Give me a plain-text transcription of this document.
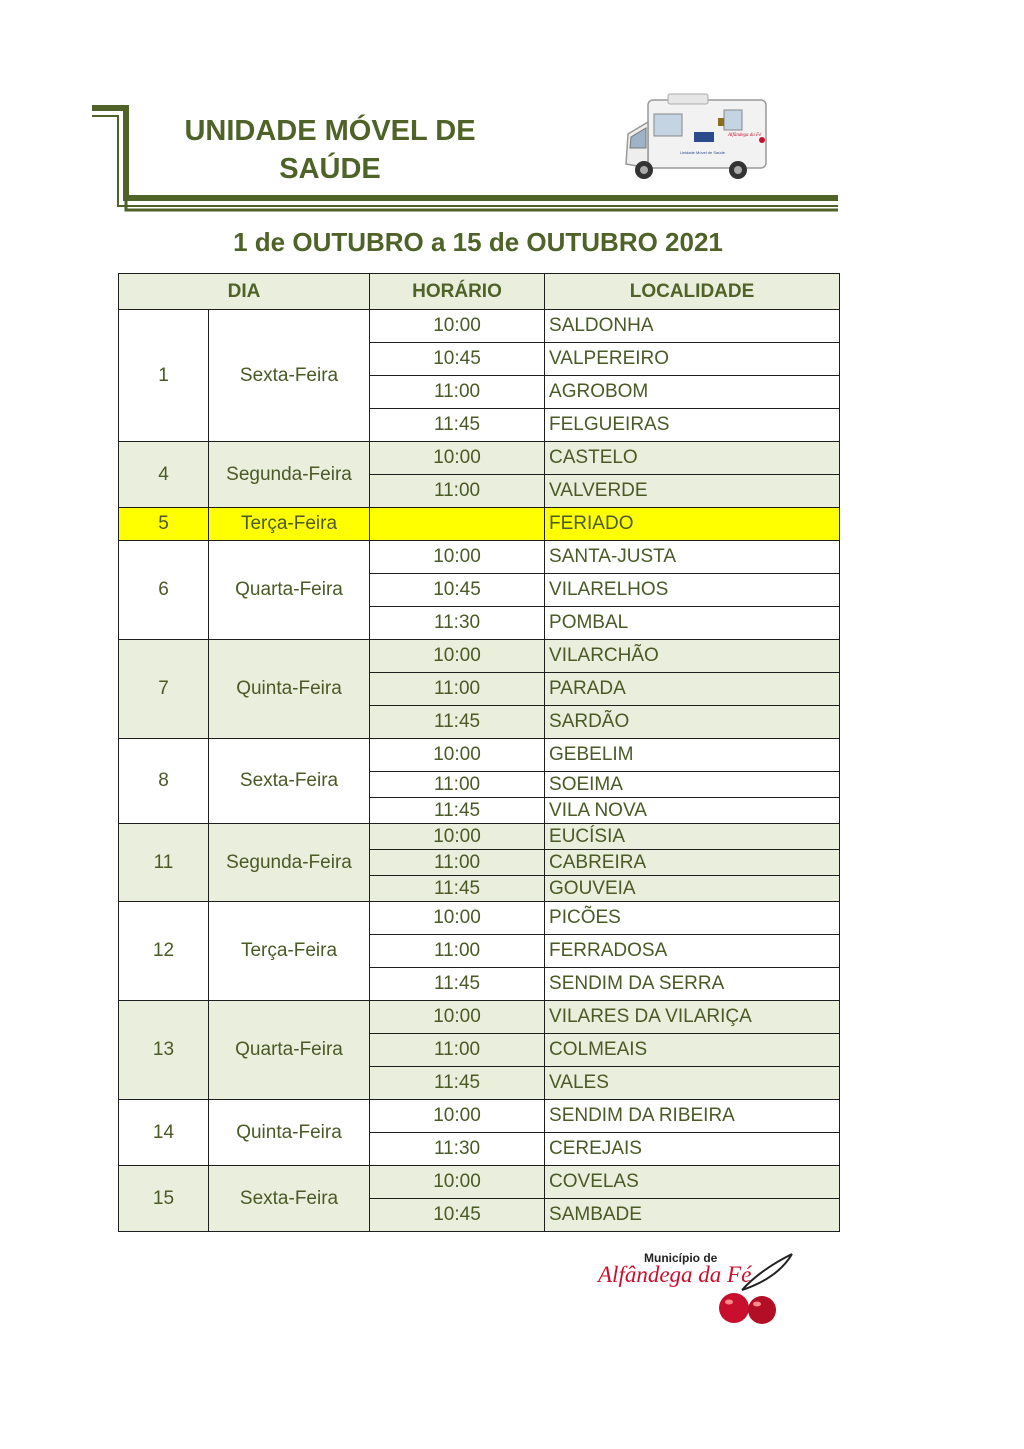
UNIDADE MÓVEL DE
SAÚDE
Unidade Móvel de Saúde
Alfândega da Fé
1 de OUTUBRO a 15 de OUTUBRO 2021
DIA		HORÁRIO	LOCALIDADE
1	Sexta-Feira	10:00	SALDONHA
		10:45	VALPEREIRO
		11:00	AGROBOM
		11:45	FELGUEIRAS
4	Segunda-Feira	10:00	CASTELO
		11:00	VALVERDE
5	Terça-Feira		FERIADO
6	Quarta-Feira	10:00	SANTA-JUSTA
		10:45	VILARELHOS
		11:30	POMBAL
7	Quinta-Feira	10:00	VILARCHÃO
		11:00	PARADA
		11:45	SARDÃO
8	Sexta-Feira	10:00	GEBELIM
		11:00	SOEIMA
		11:45	VILA NOVA
11	Segunda-Feira	10:00	EUCÍSIA
		11:00	CABREIRA
		11:45	GOUVEIA
12	Terça-Feira	10:00	PICÕES
		11:00	FERRADOSA
		11:45	SENDIM DA SERRA
13	Quarta-Feira	10:00	VILARES DA VILARIÇA
		11:00	COLMEAIS
		11:45	VALES
14	Quinta-Feira	10:00	SENDIM DA RIBEIRA
		11:30	CEREJAIS
15	Sexta-Feira	10:00	COVELAS
		10:45	SAMBADE
Município de
Alfândega da Fé
